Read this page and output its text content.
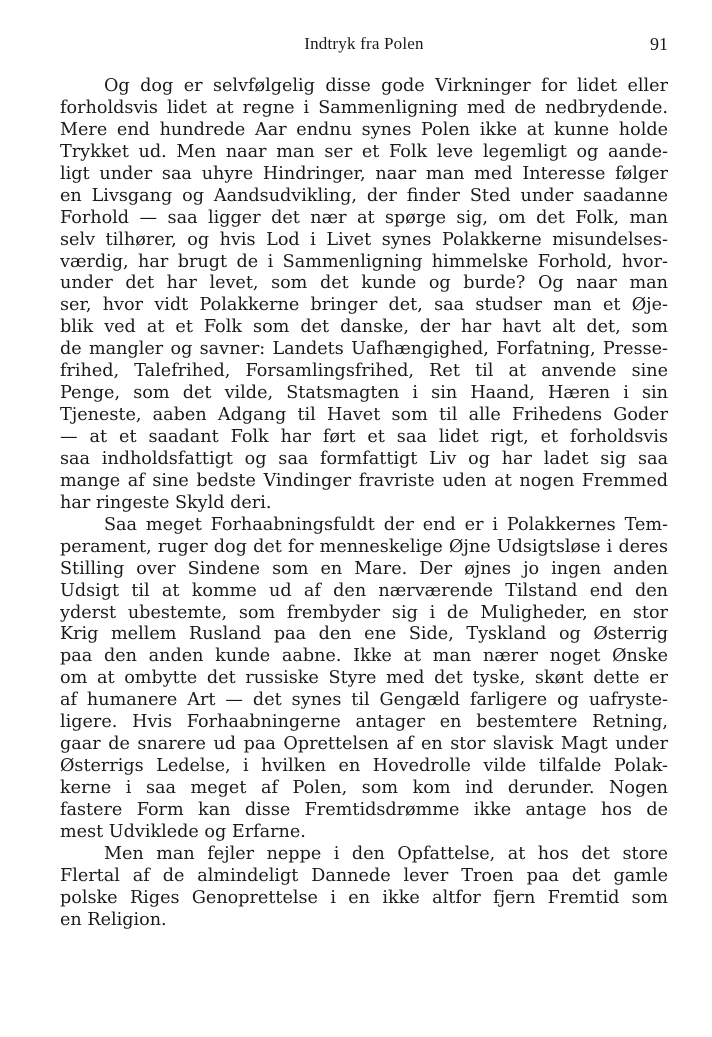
Indtryk fra Polen	91
Og dog er selvfølgelig disse gode Virkninger for lidet eller
forholdsvis lidet at regne i Sammenligning med de nedbrydende.
Mere end hundrede Aar endnu synes Polen ikke at kunne holde
Trykket ud. Men naar man ser et Folk leve legemligt og aande-
ligt under saa uhyre Hindringer, naar man med Interesse følger
en Livsgang og Aandsudvikling, der finder Sted under saadanne
Forhold — saa ligger det nær at spørge sig, om det Folk, man
selv tilhører, og hvis Lod i Livet synes Polakkerne misundelses-
værdig, har brugt de i Sammenligning himmelske Forhold, hvor-
under det har levet, som det kunde og burde? Og naar man
ser, hvor vidt Polakkerne bringer det, saa studser man et Øje-
blik ved at et Folk som det danske, der har havt alt det, som
de mangler og savner: Landets Uafhængighed, Forfatning, Presse-
frihed, Talefrihed, Forsamlingsfrihed, Ret til at anvende sine
Penge, som det vilde, Statsmagten i sin Haand, Hæren i sin
Tjeneste, aaben Adgang til Havet som til alle Frihedens Goder
— at et saadant Folk har ført et saa lidet rigt, et forholdsvis
saa indholdsfattigt og saa formfattigt Liv og har ladet sig saa
mange af sine bedste Vindinger fravriste uden at nogen Fremmed
har ringeste Skyld deri.
Saa meget Forhaabningsfuldt der end er i Polakkernes Tem-
perament, ruger dog det for menneskelige Øjne Udsigtsløse i deres
Stilling over Sindene som en Mare. Der øjnes jo ingen anden
Udsigt til at komme ud af den nærværende Tilstand end den
yderst ubestemte, som frembyder sig i de Muligheder, en stor
Krig mellem Rusland paa den ene Side, Tyskland og Østerrig
paa den anden kunde aabne. Ikke at man nærer noget Ønske
om at ombytte det russiske Styre med det tyske, skønt dette er
af humanere Art — det synes til Gengæld farligere og uafryste-
ligere. Hvis Forhaabningerne antager en bestemtere Retning,
gaar de snarere ud paa Oprettelsen af en stor slavisk Magt under
Østerrigs Ledelse, i hvilken en Hovedrolle vilde tilfalde Polak-
kerne i saa meget af Polen, som kom ind derunder. Nogen
fastere Form kan disse Fremtidsdrømme ikke antage hos de
mest Udviklede og Erfarne.
Men man fejler neppe i den Opfattelse, at hos det store
Flertal af de almindeligt Dannede lever Troen paa det gamle
polske Riges Genoprettelse i en ikke altfor fjern Fremtid som
en Religion.
